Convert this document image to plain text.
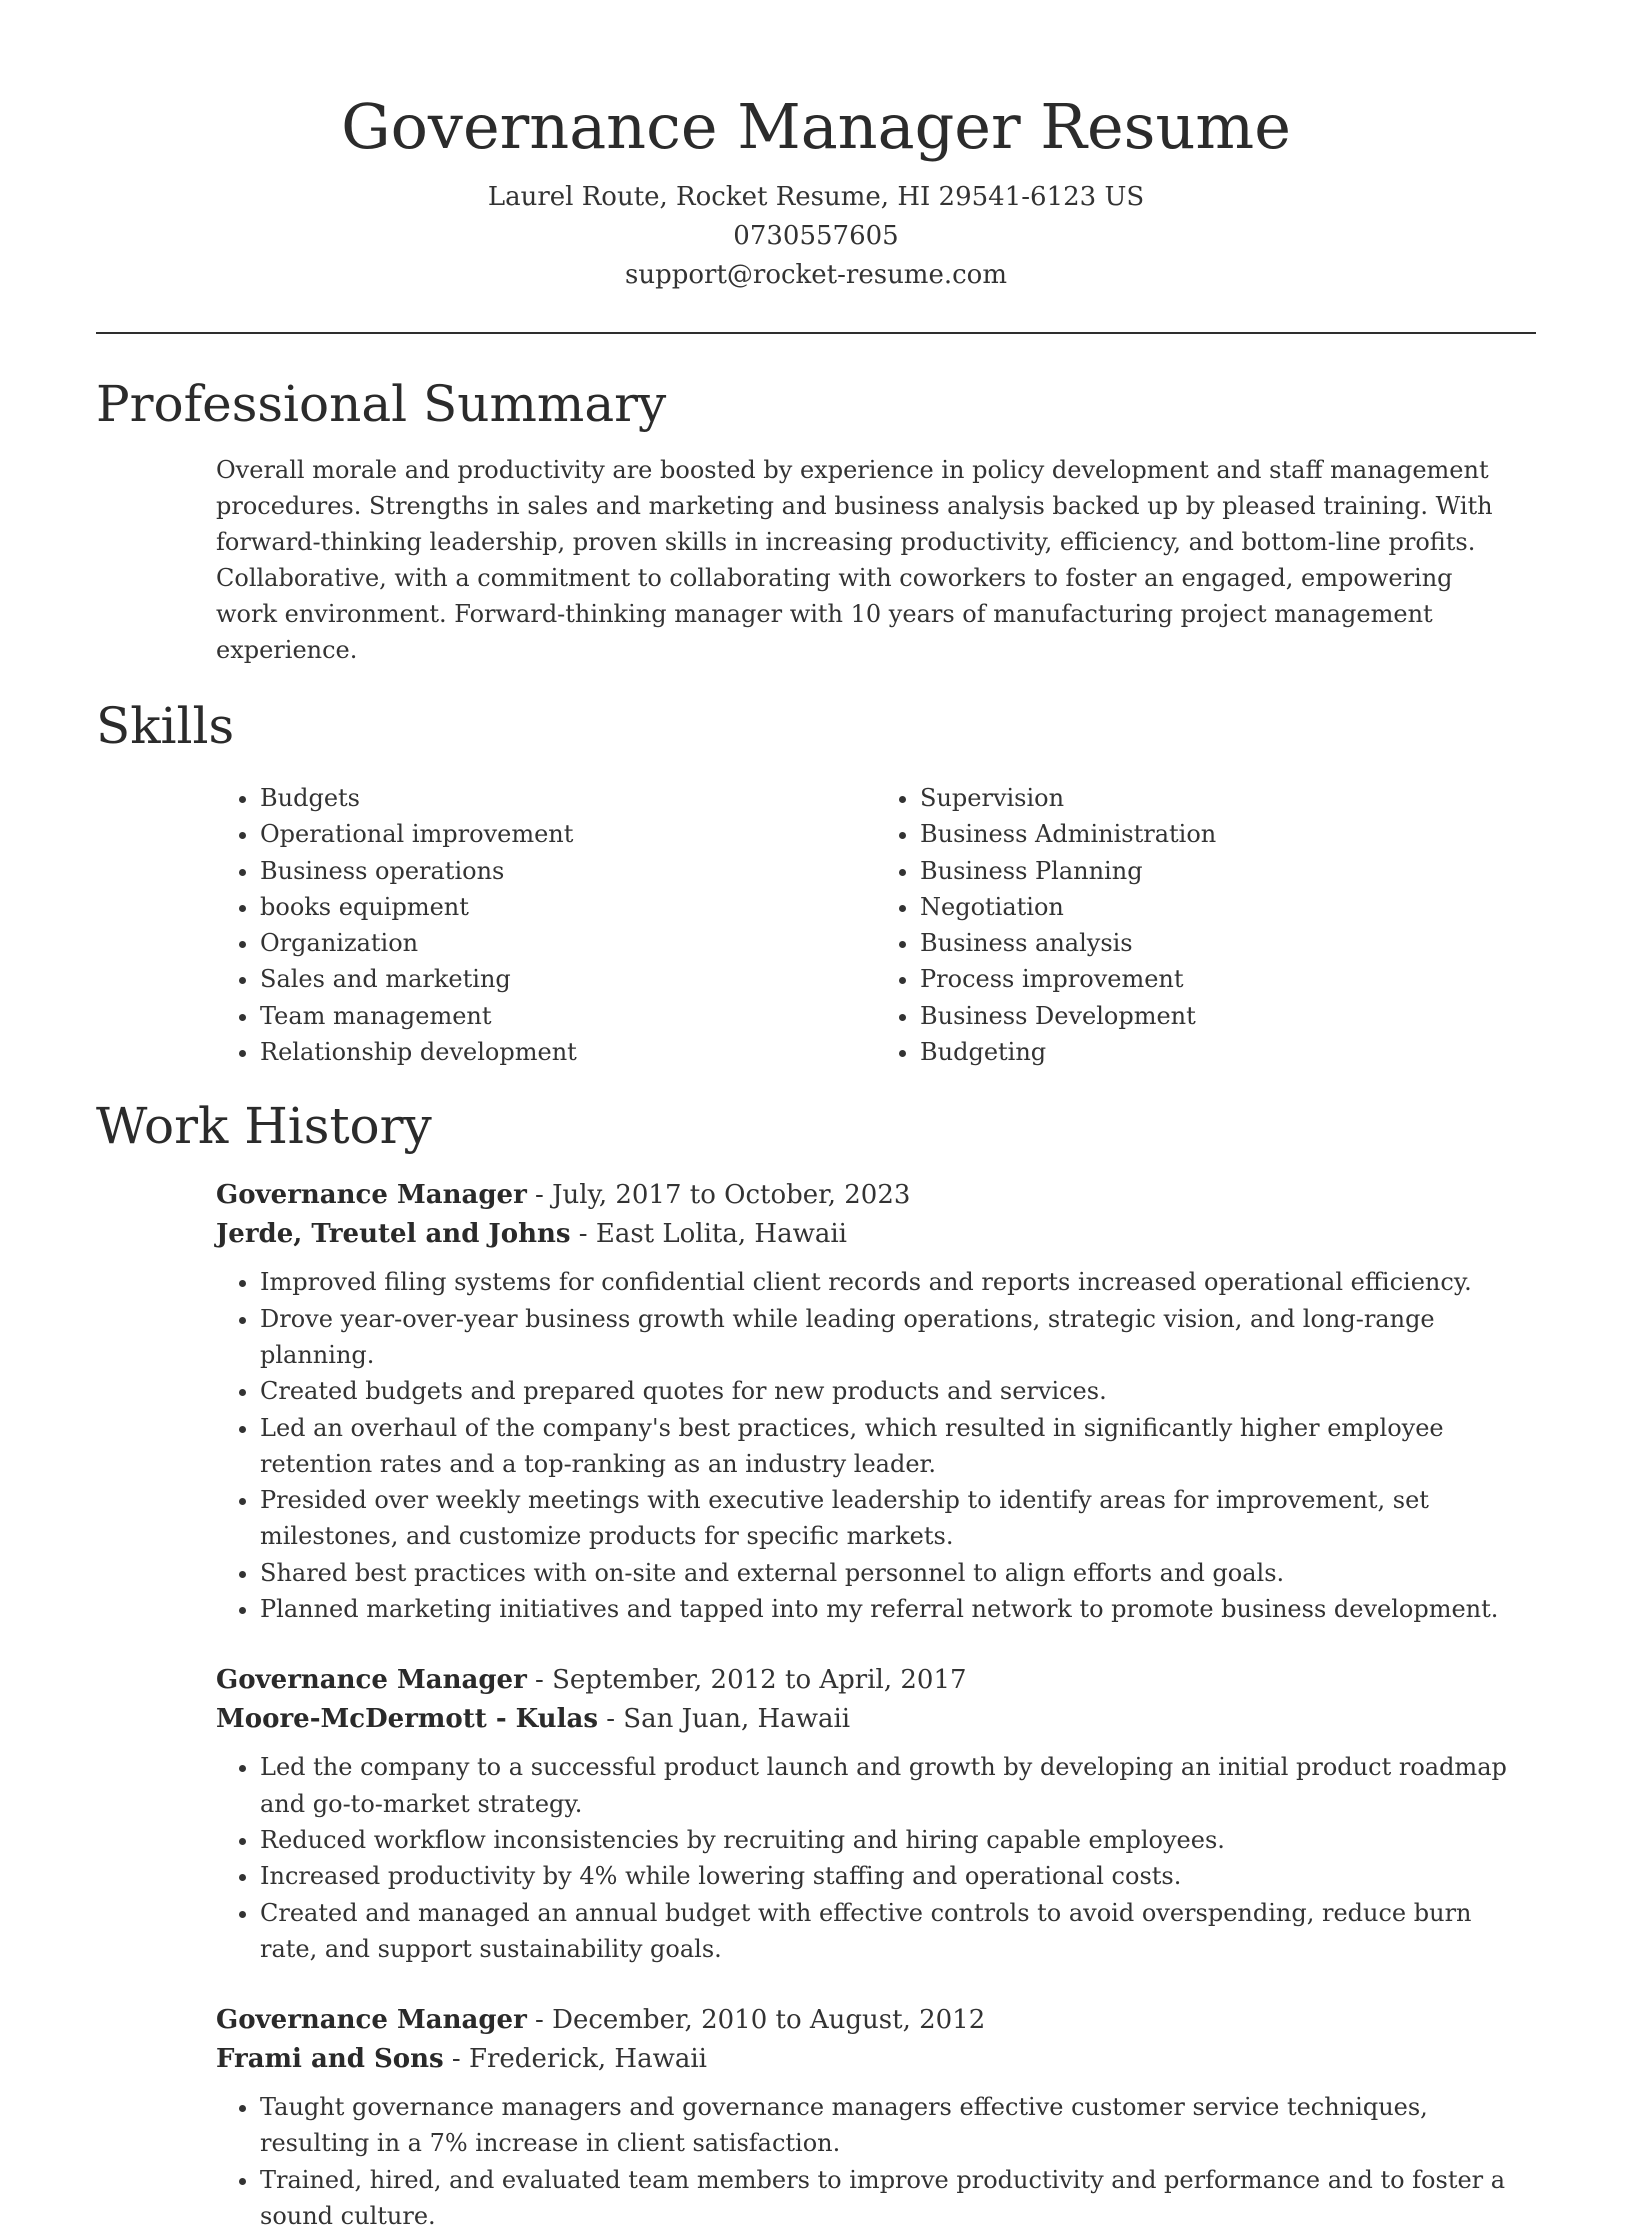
Governance Manager Resume
Laurel Route, Rocket Resume, HI 29541-6123 US
0730557605
support@rocket-resume.com
Professional Summary
Overall morale and productivity are boosted by experience in policy development and staff management procedures. Strengths in sales and marketing and business analysis backed up by pleased training. With forward-thinking leadership, proven skills in increasing productivity, efficiency, and bottom-line profits. Collaborative, with a commitment to collaborating with coworkers to foster an engaged, empowering work environment. Forward-thinking manager with 10 years of manufacturing project management experience.
Skills
• Budgets
• Operational improvement
• Business operations
• books equipment
• Organization
• Sales and marketing
• Team management
• Relationship development
• Supervision
• Business Administration
• Business Planning
• Negotiation
• Business analysis
• Process improvement
• Business Development
• Budgeting
Work History
Governance Manager - July, 2017 to October, 2023
Jerde, Treutel and Johns - East Lolita, Hawaii
• Improved filing systems for confidential client records and reports increased operational efficiency.
• Drove year-over-year business growth while leading operations, strategic vision, and long-range planning.
• Created budgets and prepared quotes for new products and services.
• Led an overhaul of the company's best practices, which resulted in significantly higher employee retention rates and a top-ranking as an industry leader.
• Presided over weekly meetings with executive leadership to identify areas for improvement, set milestones, and customize products for specific markets.
• Shared best practices with on-site and external personnel to align efforts and goals.
• Planned marketing initiatives and tapped into my referral network to promote business development.
Governance Manager - September, 2012 to April, 2017
Moore-McDermott - Kulas - San Juan, Hawaii
• Led the company to a successful product launch and growth by developing an initial product roadmap and go-to-market strategy.
• Reduced workflow inconsistencies by recruiting and hiring capable employees.
• Increased productivity by 4% while lowering staffing and operational costs.
• Created and managed an annual budget with effective controls to avoid overspending, reduce burn rate, and support sustainability goals.
Governance Manager - December, 2010 to August, 2012
Frami and Sons - Frederick, Hawaii
• Taught governance managers and governance managers effective customer service techniques, resulting in a 7% increase in client satisfaction.
• Trained, hired, and evaluated team members to improve productivity and performance and to foster a sound culture.
